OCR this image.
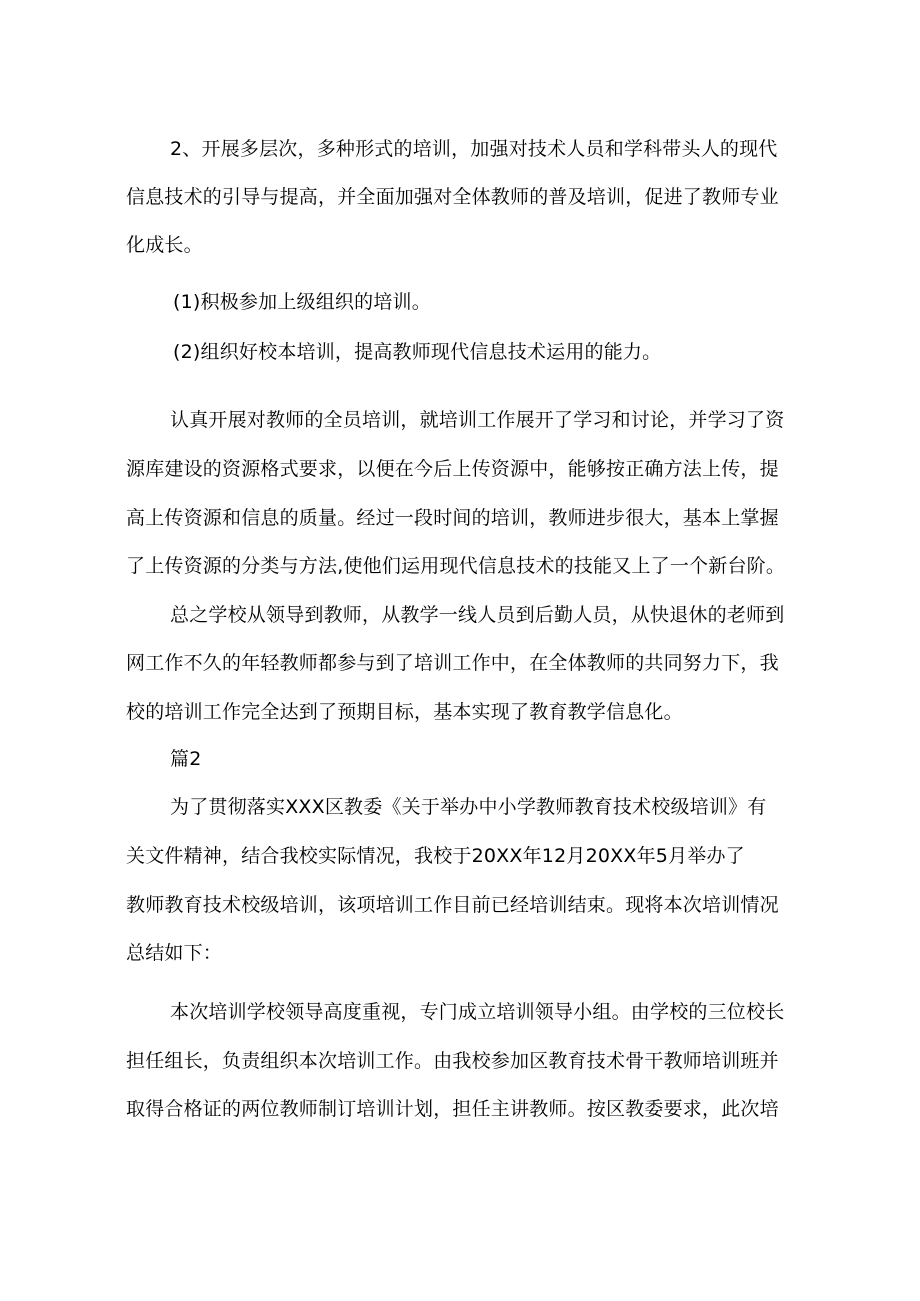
2、开展多层次，多种形式的培训，加强对技术人员和学科带头人的现代
信息技术的引导与提高，并全面加强对全体教师的普及培训，促进了教师专业
化成长。
(1)积极参加上级组织的培训。
(2)组织好校本培训，提高教师现代信息技术运用的能力。
认真开展对教师的全员培训，就培训工作展开了学习和讨论，并学习了资
源库建设的资源格式要求，以便在今后上传资源中，能够按正确方法上传，提
高上传资源和信息的质量。经过一段时间的培训，教师进步很大，基本上掌握
了上传资源的分类与方法,使他们运用现代信息技术的技能又上了一个新台阶。
总之学校从领导到教师，从教学一线人员到后勤人员，从快退休的老师到
网工作不久的年轻教师都参与到了培训工作中，在全体教师的共同努力下，我
校的培训工作完全达到了预期目标，基本实现了教育教学信息化。
篇2
为了贯彻落实XXX区教委《关于举办中小学教师教育技术校级培训》有
关文件精神，结合我校实际情况，我校于20XX年12月20XX年5月举办了
教师教育技术校级培训，该项培训工作目前已经培训结束。现将本次培训情况
总结如下：
本次培训学校领导高度重视，专门成立培训领导小组。由学校的三位校长
担任组长，负责组织本次培训工作。由我校参加区教育技术骨干教师培训班并
取得合格证的两位教师制订培训计划，担任主讲教师。按区教委要求，此次培
